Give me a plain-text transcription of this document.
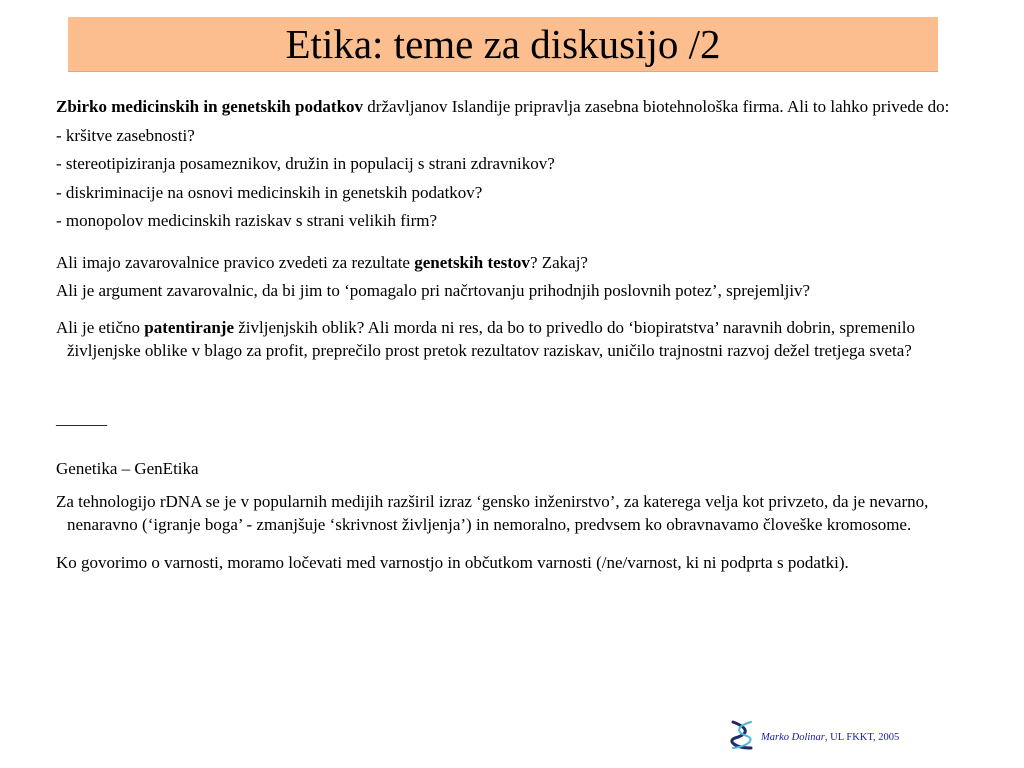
Etika: teme za diskusijo /2

Zbirko medicinskih in genetskih podatkov državljanov Islandije pripravlja zasebna biotehnološka firma. Ali to lahko privede do:

- kršitve zasebnosti?

- stereotipiziranja posameznikov, družin in populacij s strani zdravnikov?

- diskriminacije na osnovi medicinskih in genetskih podatkov?

- monopolov medicinskih raziskav s strani velikih firm?

Ali imajo zavarovalnice pravico zvedeti za rezultate genetskih testov? Zakaj?

Ali je argument zavarovalnic, da bi jim to ‘pomagalo pri načrtovanju prihodnjih poslovnih potez’, sprejemljiv?

Ali je etično patentiranje življenjskih oblik? Ali morda ni res, da bo to privedlo do ‘biopiratstva’ naravnih dobrin, spremenilo življenjske oblike v blago za profit, preprečilo prost pretok rezultatov raziskav, uničilo trajnostni razvoj dežel tretjega sveta?

______

Genetika – GenEtika

Za tehnologijo rDNA se je v popularnih medijih razširil izraz ‘gensko inženirstvo’, za katerega velja kot privzeto, da je nevarno, nenaravno (‘igranje boga’ - zmanjšuje ‘skrivnost življenja’) in nemoralno, predvsem ko obravnavamo človeške kromosome.

Ko govorimo o varnosti, moramo ločevati med varnostjo in občutkom varnosti (/ne/varnost, ki ni podprta s podatki).

Marko Dolinar, UL FKKT, 2005
